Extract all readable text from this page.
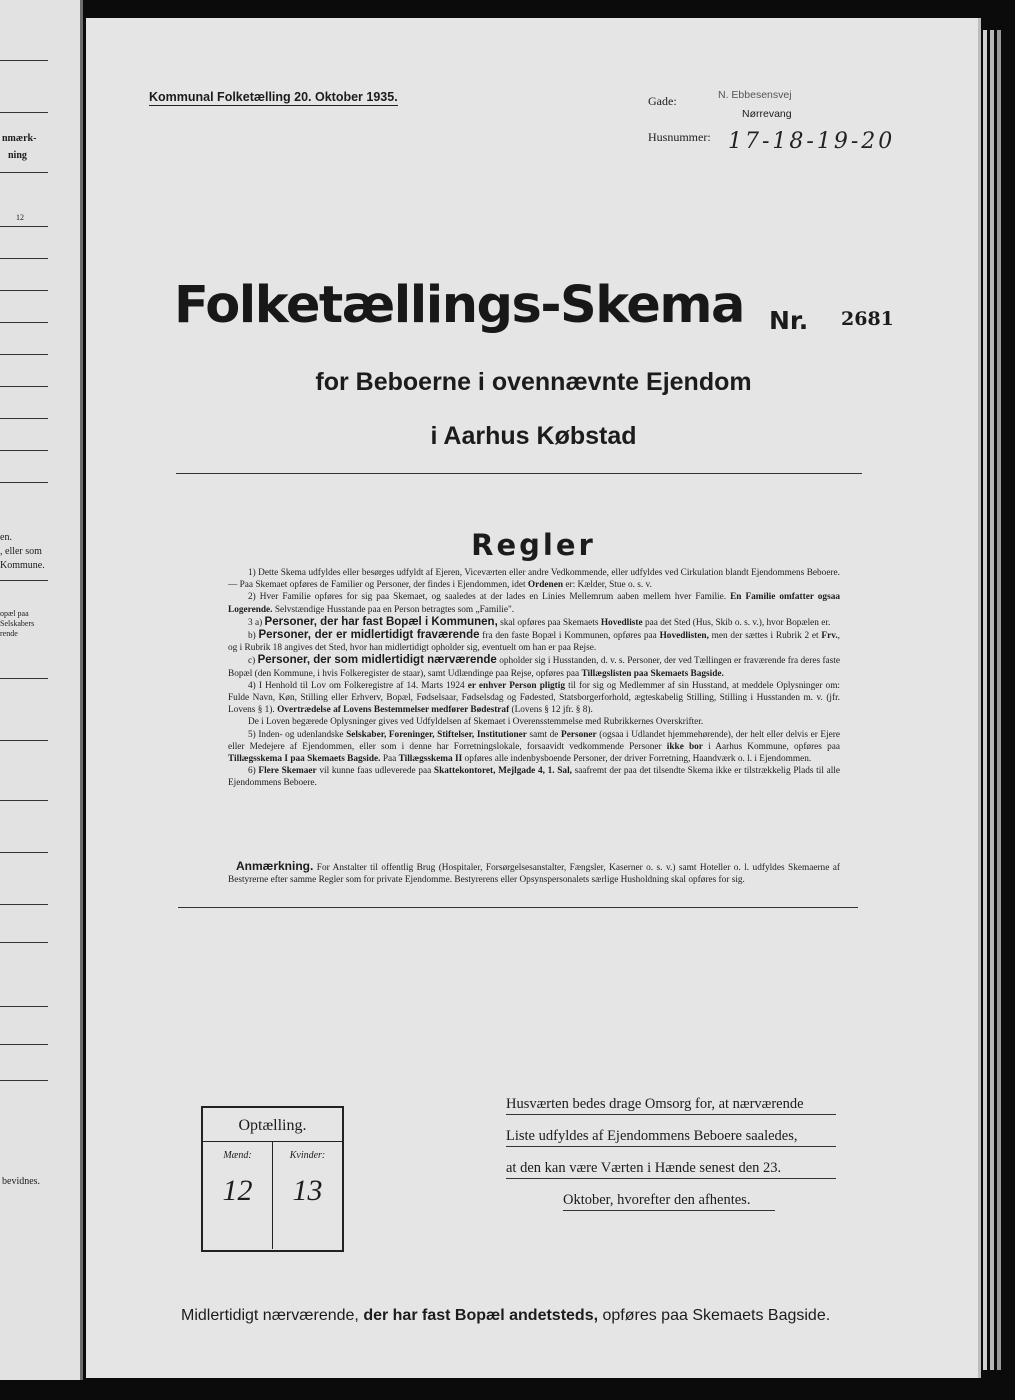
nmærk-
ning
12
en.
, eller som
Kommune.
opæl paa
Selskabers
rende
bevidnes.
Kommunal Folketælling 20. Oktober 1935.	Gade:	N. Ebbesensvej
Nørrevang
Husnummer: 17-18-19-20
Folketællings-Skema Nr. 2681
for Beboerne i ovennævnte Ejendom
i Aarhus Købstad
Regler

1) Dette Skema udfyldes eller besørges udfyldt af Ejeren, Viceværten eller andre Vedkommende, eller udfyldes ved Cirkulation blandt Ejendommens Beboere. — Paa Skemaet opføres de Familier og Personer, der findes i Ejendommen, idet Ordenen er: Kælder, Stue o. s. v.

2) Hver Familie opføres for sig paa Skemaet, og saaledes at der lades en Linies Mellemrum aaben mellem hver Familie. En Familie omfatter ogsaa Logerende. Selvstændige Husstande paa en Person betragtes som „Familie".

3 a) Personer, der har fast Bopæl i Kommunen, skal opføres paa Skemaets Hovedliste paa det Sted (Hus, Skib o. s. v.), hvor Bopælen er.

b) Personer, der er midlertidigt fraværende fra den faste Bopæl i Kommunen, opføres paa Hovedlisten, men der sættes i Rubrik 2 et Frv., og i Rubrik 18 angives det Sted, hvor han midlertidigt opholder sig, eventuelt om han er paa Rejse.

c) Personer, der som midlertidigt nærværende opholder sig i Husstanden, d. v. s. Personer, der ved Tællingen er fraværende fra deres faste Bopæl (den Kommune, i hvis Folkeregister de staar), samt Udlændinge paa Rejse, opføres paa Tillægslisten paa Skemaets Bagside.

4) I Henhold til Lov om Folkeregistre af 14. Marts 1924 er enhver Person pligtig til for sig og Medlemmer af sin Husstand, at meddele Oplysninger om: Fulde Navn, Køn, Stilling eller Erhverv, Bopæl, Fødselsaar, Fødselsdag og Fødested, Statsborgerforhold, ægteskabelig Stilling, Stilling i Husstanden m. v. (jfr. Lovens § 1). Overtrædelse af Lovens Bestemmelser medfører Bødestraf (Lovens § 12 jfr. § 8).

De i Loven begærede Oplysninger gives ved Udfyldelsen af Skemaet i Overensstemmelse med Rubrikkernes Overskrifter.

5) Inden- og udenlandske Selskaber, Foreninger, Stiftelser, Institutioner samt de Personer (ogsaa i Udlandet hjemmehørende), der helt eller delvis er Ejere eller Medejere af Ejendommen, eller som i denne har Forretningslokale, forsaavidt vedkommende Personer ikke bor i Aarhus Kommune, opføres paa Tillægsskema I paa Skemaets Bagside. Paa Tillægsskema II opføres alle indenbysboende Personer, der driver Forretning, Haandværk o. l. i Ejendommen.

6) Flere Skemaer vil kunne faas udleverede paa Skattekontoret, Mejlgade 4, 1. Sal, saafremt der paa det tilsendte Skema ikke er tilstrækkelig Plads til alle Ejendommens Beboere.

Anmærkning. For Anstalter til offentlig Brug (Hospitaler, Forsørgelsesanstalter, Fængsler, Kaserner o. s. v.) samt Hoteller o. l. udfyldes Skemaerne af Bestyrerne efter samme Regler som for private Ejendomme. Bestyrerens eller Opsynspersonalets særlige Husholdning skal opføres for sig.
Optælling.
Mænd:	Kvinder:
12	13
Husværten bedes drage Omsorg for, at nærværende
Liste udfyldes af Ejendommens Beboere saaledes,
at den kan være Værten i Hænde senest den 23.
Oktober, hvorefter den afhentes.
Midlertidigt nærværende, der har fast Bopæl andetsteds, opføres paa Skemaets Bagside.
